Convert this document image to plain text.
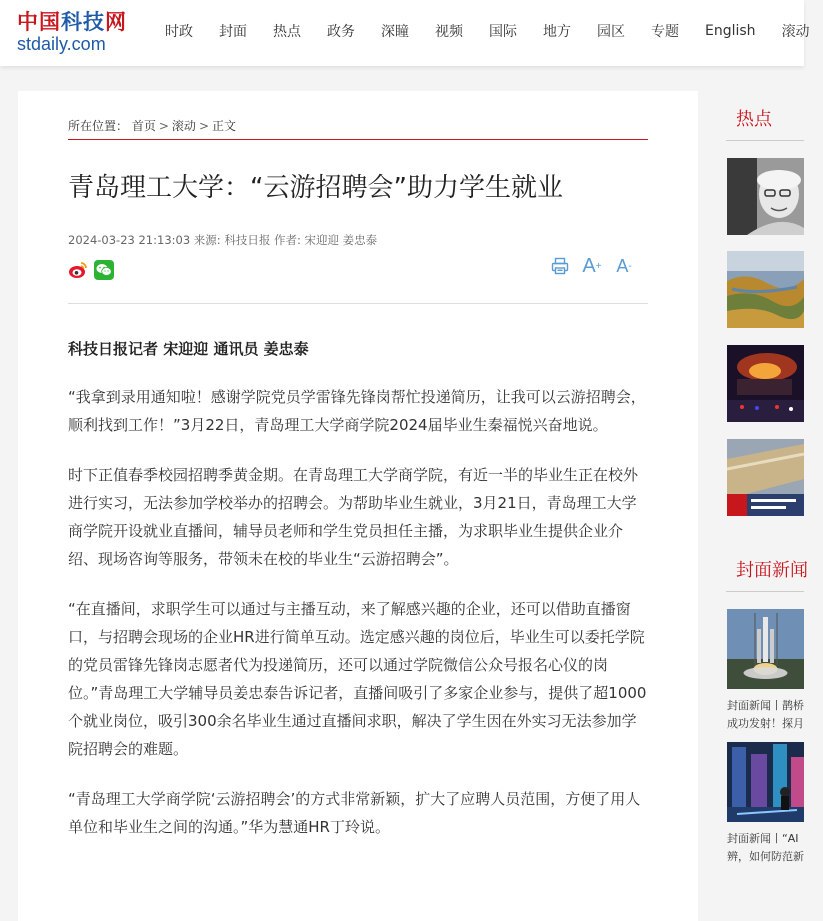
中国科技网
stdaily.com
时政	封面	热点	政务	深瞳	视频	国际	地方	园区	专题	English	滚动
所在位置： 首页 > 滚动 > 正文
青岛理工大学：“云游招聘会”助力学生就业
2024-03-23 21:13:03 来源: 科技日报 作者: 宋迎迎 姜忠泰
A + A -

科技日报记者 宋迎迎 通讯员 姜忠泰

“我拿到录用通知啦！感谢学院党员学雷锋先锋岗帮忙投递简历，让我可以云游招聘会，顺利找到工作！”3月22日，青岛理工大学商学院2024届毕业生秦福悦兴奋地说。

时下正值春季校园招聘季黄金期。在青岛理工大学商学院，有近一半的毕业生正在校外进行实习，无法参加学校举办的招聘会。为帮助毕业生就业，3月21日，青岛理工大学商学院开设就业直播间，辅导员老师和学生党员担任主播，为求职毕业生提供企业介绍、现场咨询等服务，带领未在校的毕业生“云游招聘会”。

“在直播间，求职学生可以通过与主播互动，来了解感兴趣的企业，还可以借助直播窗口，与招聘会现场的企业HR进行简单互动。选定感兴趣的岗位后，毕业生可以委托学院的党员雷锋先锋岗志愿者代为投递简历，还可以通过学院微信公众号报名心仪的岗位。”青岛理工大学辅导员姜忠泰告诉记者，直播间吸引了多家企业参与，提供了超1000个就业岗位，吸引300余名毕业生通过直播间求职，解决了学生因在外实习无法参加学院招聘会的难题。

“青岛理工大学商学院‘云游招聘会’的方式非常新颖，扩大了应聘人员范围，方便了用人单位和毕业生之间的沟通。”华为慧通HR丁玲说。

热点
封面新闻
封面新闻丨鹊桥
成功发射！探月
封面新闻丨“AI
辨，如何防范新
